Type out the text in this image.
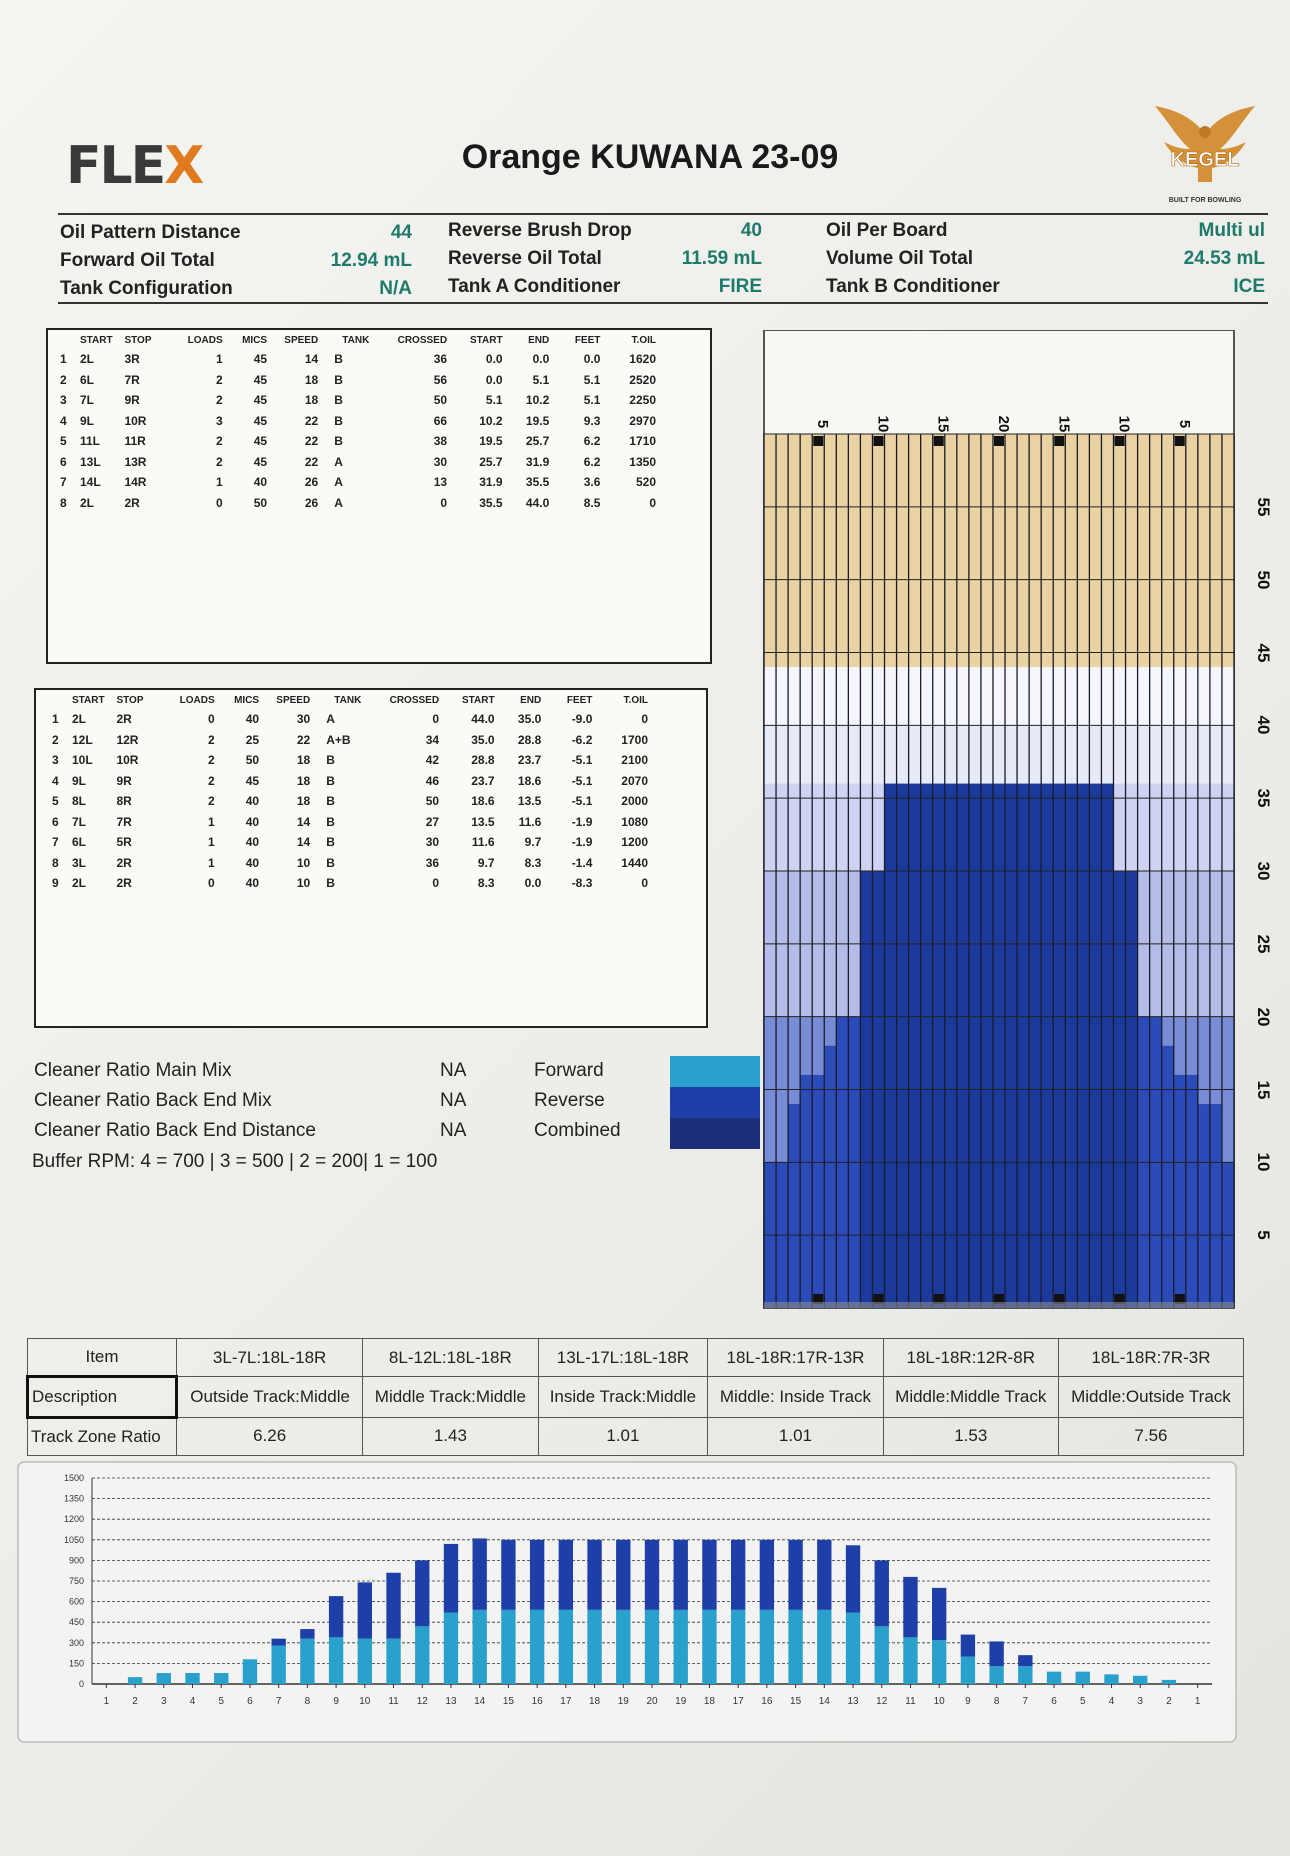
FLEX	Orange KUWANA 23-09	KEGEL
BUILT FOR BOWLING
Oil Pattern Distance	44
Forward Oil Total	12.94 mL
Tank Configuration	N/A
Reverse Brush Drop	40
Reverse Oil Total	11.59 mL
Tank A Conditioner	FIRE
Oil Per Board	Multi ul
Volume Oil Total	24.53 mL
Tank B Conditioner	ICE
	START	STOP	LOADS	MICS	SPEED	TANK	CROSSED	START	END	FEET	T.OIL
1	2L	3R	1	45	14	B	36	0.0	0.0	0.0	1620
2	6L	7R	2	45	18	B	56	0.0	5.1	5.1	2520
3	7L	9R	2	45	18	B	50	5.1	10.2	5.1	2250
4	9L	10R	3	45	22	B	66	10.2	19.5	9.3	2970
5	11L	11R	2	45	22	B	38	19.5	25.7	6.2	1710
6	13L	13R	2	45	22	A	30	25.7	31.9	6.2	1350
7	14L	14R	1	40	26	A	13	31.9	35.5	3.6	520
8	2L	2R	0	50	26	A	0	35.5	44.0	8.5	0
	START	STOP	LOADS	MICS	SPEED	TANK	CROSSED	START	END	FEET	T.OIL
1	2L	2R	0	40	30	A	0	44.0	35.0	-9.0	0
2	12L	12R	2	25	22	A+B	34	35.0	28.8	-6.2	1700
3	10L	10R	2	50	18	B	42	28.8	23.7	-5.1	2100
4	9L	9R	2	45	18	B	46	23.7	18.6	-5.1	2070
5	8L	8R	2	40	18	B	50	18.6	13.5	-5.1	2000
6	7L	7R	1	40	14	B	27	13.5	11.6	-1.9	1080
7	6L	5R	1	40	14	B	30	11.6	9.7	-1.9	1200
8	3L	2R	1	40	10	B	36	9.7	8.3	-1.4	1440
9	2L	2R	0	40	10	B	0	8.3	0.0	-8.3	0
Cleaner Ratio Main Mix	NA	Forward
Cleaner Ratio Back End Mix	NA	Reverse
Cleaner Ratio Back End Distance	NA	Combined
Buffer RPM: 4 = 700 | 3 = 500 | 2 = 200| 1 = 100
5	10	15	20	15	10	5
Item	3L-7L:18L-18R	8L-12L:18L-18R	13L-17L:18L-18R	18L-18R:17R-13R	18L-18R:12R-8R	18L-18R:7R-3R
Description	Outside Track:Middle	Middle Track:Middle	Inside Track:Middle	Middle: Inside Track	Middle:Middle Track	Middle:Outside Track
Track Zone Ratio	6.26	1.43	1.01	1.01	1.53	7.56
0
150
300
450
600
750
900
1050
1200
1350
1500
1 2 3 4 5 6 7 8 9 10 11 12 13 14 15 16 17 18 19 20 19 18 17 16 15 14 13 12 11 10 9 8 7 6 5 4 3 2 1
55
50
45
40
35
30
25
20
15
10
5
